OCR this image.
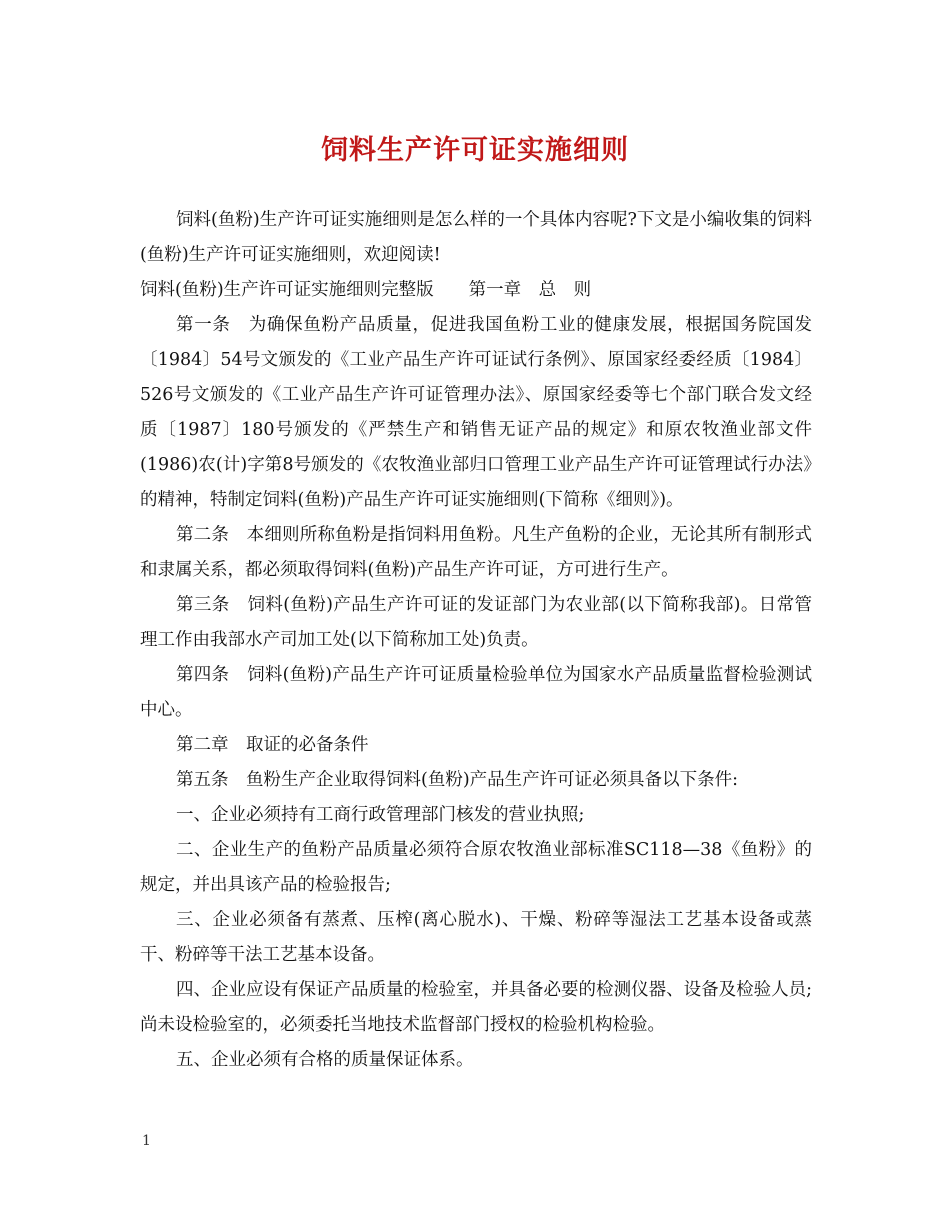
饲料生产许可证实施细则

饲料(鱼粉)生产许可证实施细则是怎么样的一个具体内容呢?下文是小编收集的饲料(鱼粉)生产许可证实施细则，欢迎阅读!

饲料(鱼粉)生产许可证实施细则完整版　　第一章　总　则

第一条　为确保鱼粉产品质量，促进我国鱼粉工业的健康发展，根据国务院国发〔1984〕54号文颁发的《工业产品生产许可证试行条例》、原国家经委经质〔1984〕526号文颁发的《工业产品生产许可证管理办法》、原国家经委等七个部门联合发文经质〔1987〕180号颁发的《严禁生产和销售无证产品的规定》和原农牧渔业部文件(1986)农(计)字第8号颁发的《农牧渔业部归口管理工业产品生产许可证管理试行办法》的精神，特制定饲料(鱼粉)产品生产许可证实施细则(下简称《细则》)。

第二条　本细则所称鱼粉是指饲料用鱼粉。凡生产鱼粉的企业，无论其所有制形式和隶属关系，都必须取得饲料(鱼粉)产品生产许可证，方可进行生产。

第三条　饲料(鱼粉)产品生产许可证的发证部门为农业部(以下简称我部)。日常管理工作由我部水产司加工处(以下简称加工处)负责。

第四条　饲料(鱼粉)产品生产许可证质量检验单位为国家水产品质量监督检验测试中心。

第二章　取证的必备条件

第五条　鱼粉生产企业取得饲料(鱼粉)产品生产许可证必须具备以下条件:

一、企业必须持有工商行政管理部门核发的营业执照;

二、企业生产的鱼粉产品质量必须符合原农牧渔业部标准SC118—38《鱼粉》的规定，并出具该产品的检验报告;

三、企业必须备有蒸煮、压榨(离心脱水)、干燥、粉碎等湿法工艺基本设备或蒸干、粉碎等干法工艺基本设备。

四、企业应设有保证产品质量的检验室，并具备必要的检测仪器、设备及检验人员;尚未设检验室的，必须委托当地技术监督部门授权的检验机构检验。

五、企业必须有合格的质量保证体系。

1
